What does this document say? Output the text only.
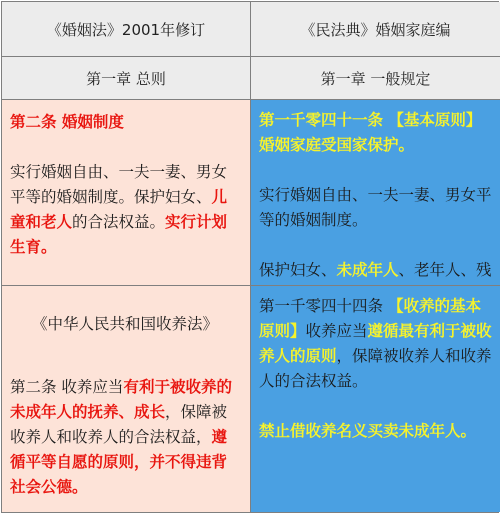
《婚姻法》2001年修订	《民法典》婚姻家庭编
第一章 总则	第一章 一般规定

第二条 婚姻制度

实行婚姻自由、一夫一妻、男女平等的婚姻制度。保护妇女、儿童和老人的合法权益。实行计划生育。

第一千零四十一条 【基本原则】婚姻家庭受国家保护。

实行婚姻自由、一夫一妻、男女平等的婚姻制度。

保护妇女、未成年人、老年人、残

《中华人民共和国收养法》

第二条 收养应当有利于被收养的未成年人的抚养、成长，保障被收养人和收养人的合法权益，遵循平等自愿的原则，并不得违背社会公德。

第一千零四十四条 【收养的基本原则】收养应当遵循最有利于被收养人的原则，保障被收养人和收养人的合法权益。

禁止借收养名义买卖未成年人。
